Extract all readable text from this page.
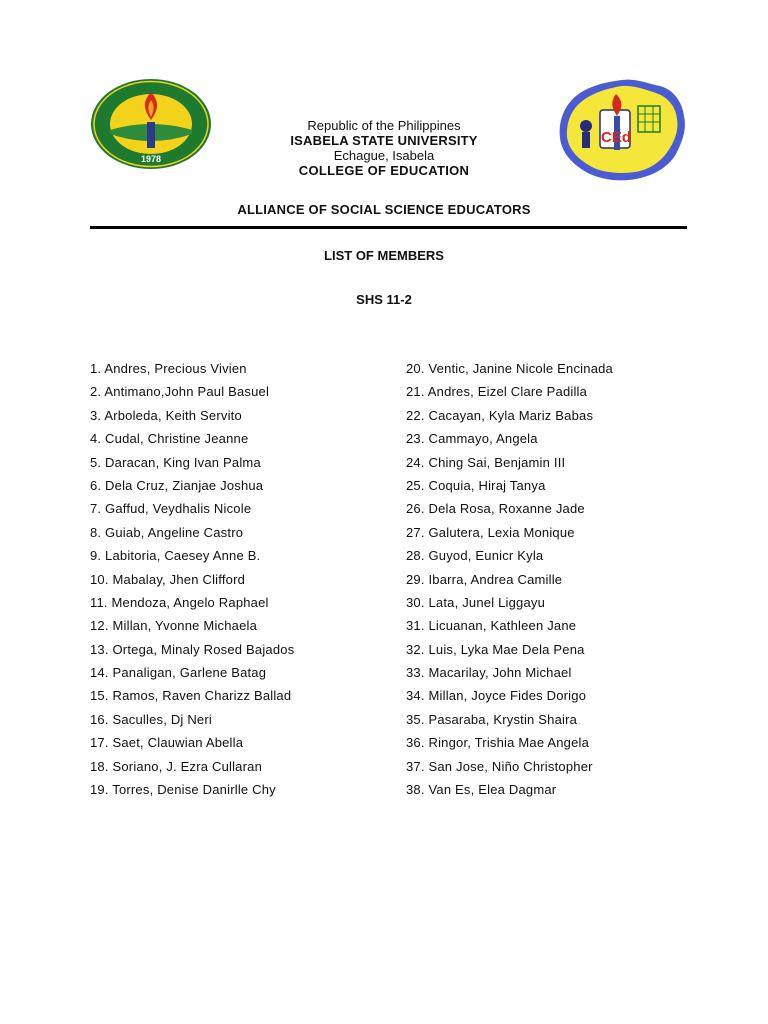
1978
CEd
Republic of the Philippines
ISABELA STATE UNIVERSITY
Echague, Isabela
COLLEGE OF EDUCATION
ALLIANCE OF SOCIAL SCIENCE EDUCATORS
LIST OF MEMBERS
SHS 11-2
1. Andres, Precious Vivien
2. Antimano,John Paul Basuel
3. Arboleda, Keith Servito
4. Cudal, Christine Jeanne
5. Daracan, King Ivan Palma
6. Dela Cruz, Zianjae Joshua
7. Gaffud, Veydhalis Nicole
8. Guiab, Angeline Castro
9. Labitoria, Caesey Anne B.
10. Mabalay, Jhen Clifford
11. Mendoza, Angelo Raphael
12. Millan, Yvonne Michaela
13. Ortega, Minaly Rosed Bajados
14. Panaligan, Garlene Batag
15. Ramos, Raven Charizz Ballad
16. Saculles, Dj Neri
17. Saet, Clauwian Abella
18. Soriano, J. Ezra Cullaran
19. Torres, Denise Danirlle Chy
20. Ventic, Janine Nicole Encinada
21. Andres, Eizel Clare Padilla
22. Cacayan, Kyla Mariz Babas
23. Cammayo, Angela
24. Ching Sai, Benjamin III
25. Coquia, Hiraj Tanya
26. Dela Rosa, Roxanne Jade
27. Galutera, Lexia Monique
28. Guyod, Eunicr Kyla
29. Ibarra, Andrea Camille
30. Lata, Junel Liggayu
31. Licuanan, Kathleen Jane
32. Luis, Lyka Mae Dela Pena
33. Macarilay, John Michael
34. Millan, Joyce Fides Dorigo
35. Pasaraba, Krystin Shaira
36. Ringor, Trishia Mae Angela
37. San Jose, Niño Christopher
38. Van Es, Elea Dagmar
